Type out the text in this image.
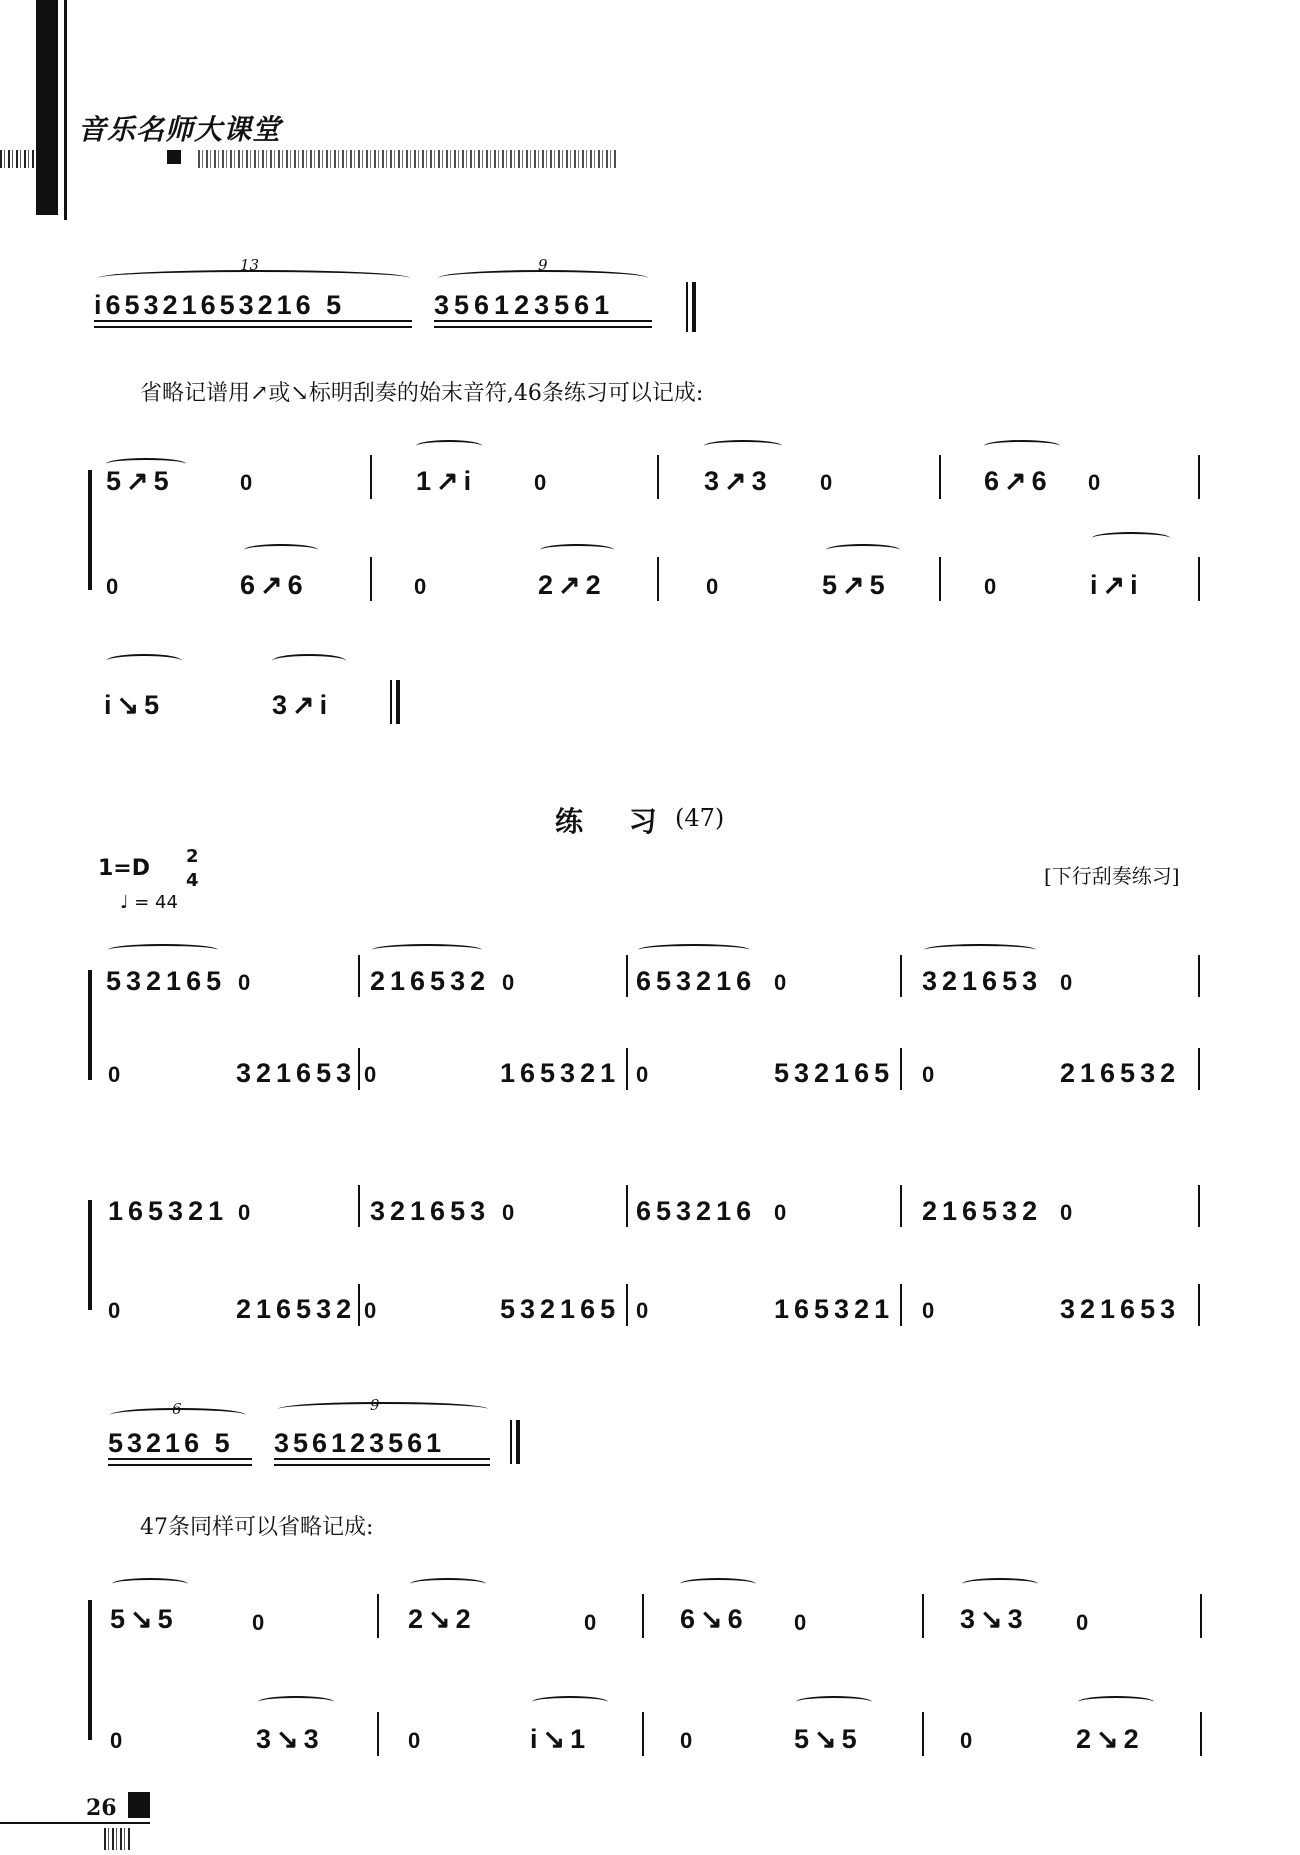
音乐名师大课堂
13	9
i65321653216 5	356123561
省略记谱用↗或↘标明刮奏的始末音符,46条练习可以记成:
5↗5	0	1↗i	0	3↗3 0	6↗6 0
0	6↗6	0	2↗2	0	5↗5	0	i↗i
i↘5	3↗i
练 习 (47)
1=D 2
4
♩ = 44
[下行刮奏练习]
532165 0	216532 0	653216 0	321653 0
0	321653 0	165321 0	532165 0	216532
165321 0	321653 0	653216 0	216532 0
0	216532 0	532165 0	165321 0	321653
6	9
53216 5 356123561
47条同样可以省略记成:
5↘5	0	2↘2	0	6↘6 0	3↘3 0
0	3↘3	0	i↘1	0	5↘5	0	2↘2
26
